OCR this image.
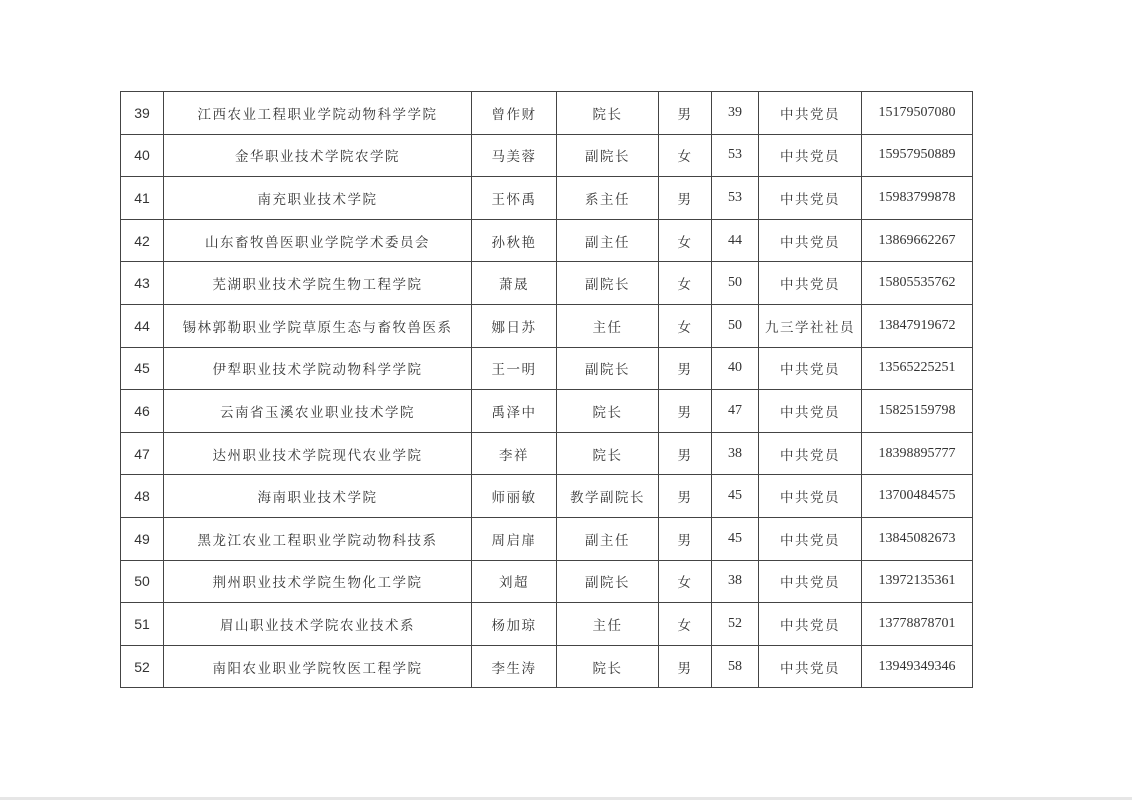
39	江西农业工程职业学院动物科学学院	曾作财	院长	男	39	中共党员	15179507080
40	金华职业技术学院农学院	马美蓉	副院长	女	53	中共党员	15957950889
41	南充职业技术学院	王怀禹	系主任	男	53	中共党员	15983799878
42	山东畜牧兽医职业学院学术委员会	孙秋艳	副主任	女	44	中共党员	13869662267
43	芜湖职业技术学院生物工程学院	萧晟	副院长	女	50	中共党员	15805535762
44	锡林郭勒职业学院草原生态与畜牧兽医系	娜日苏	主任	女	50	九三学社社员	13847919672
45	伊犁职业技术学院动物科学学院	王一明	副院长	男	40	中共党员	13565225251
46	云南省玉溪农业职业技术学院	禹泽中	院长	男	47	中共党员	15825159798
47	达州职业技术学院现代农业学院	李祥	院长	男	38	中共党员	18398895777
48	海南职业技术学院	师丽敏	教学副院长	男	45	中共党员	13700484575
49	黑龙江农业工程职业学院动物科技系	周启扉	副主任	男	45	中共党员	13845082673
50	荆州职业技术学院生物化工学院	刘超	副院长	女	38	中共党员	13972135361
51	眉山职业技术学院农业技术系	杨加琼	主任	女	52	中共党员	13778878701
52	南阳农业职业学院牧医工程学院	李生涛	院长	男	58	中共党员	13949349346
